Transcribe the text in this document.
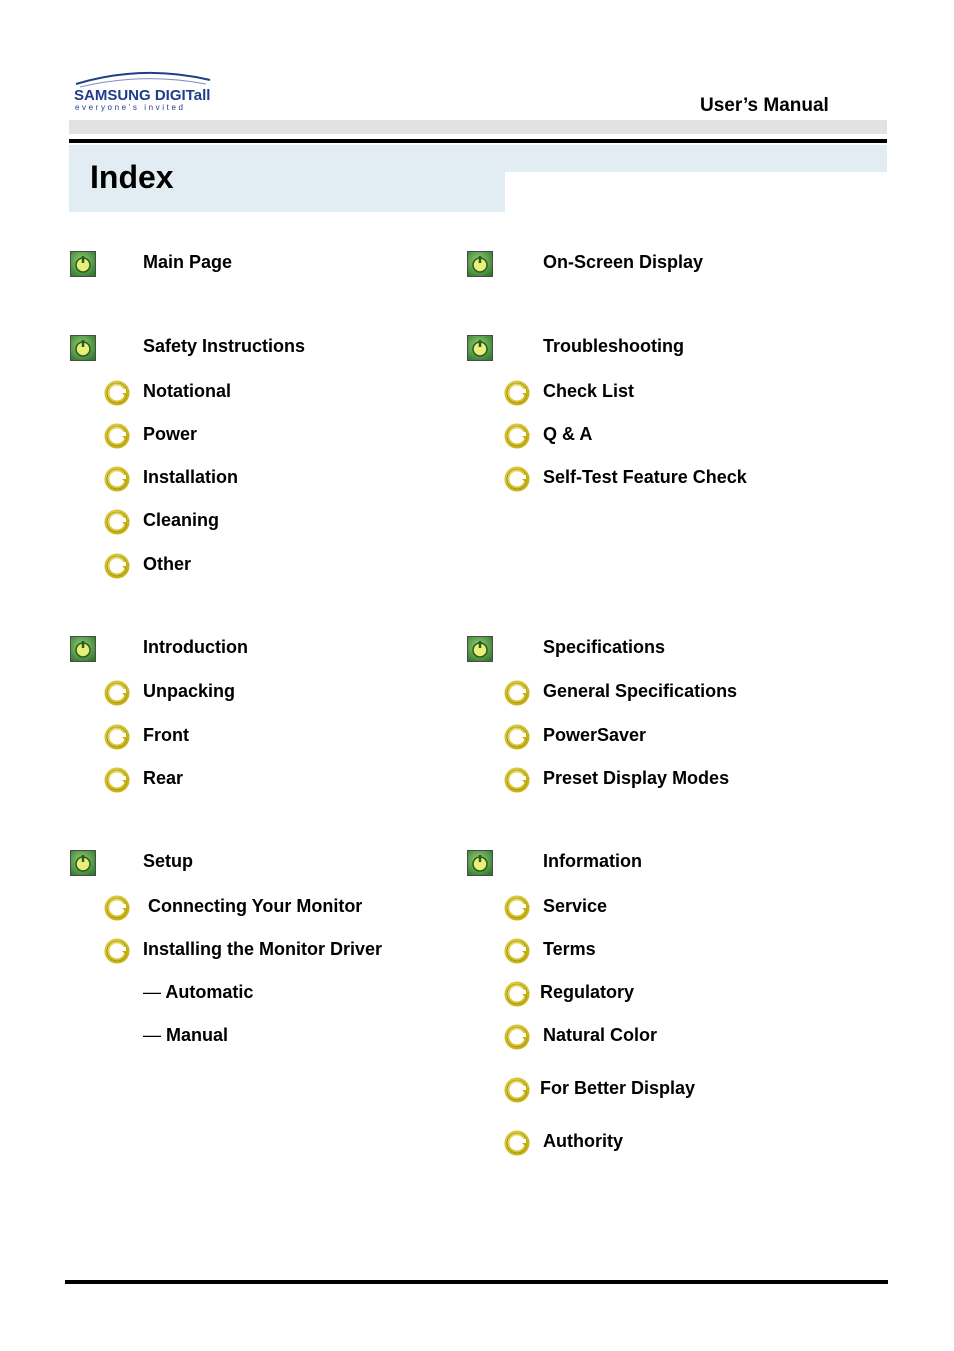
SAMSUNG DIGITall
everyone's invited	User’s Manual
Index
Main Page
Safety Instructions
Notational
Power
Installation
Cleaning
Other
Introduction
Unpacking
Front
Rear
Setup
Connecting Your Monitor
Installing the Monitor Driver
— Automatic
— Manual
On-Screen Display
Troubleshooting
Check List
Q & A
Self-Test Feature Check
Specifications
General Specifications
PowerSaver
Preset Display Modes
Information
Service
Terms
Regulatory
Natural Color
For Better Display
Authority
